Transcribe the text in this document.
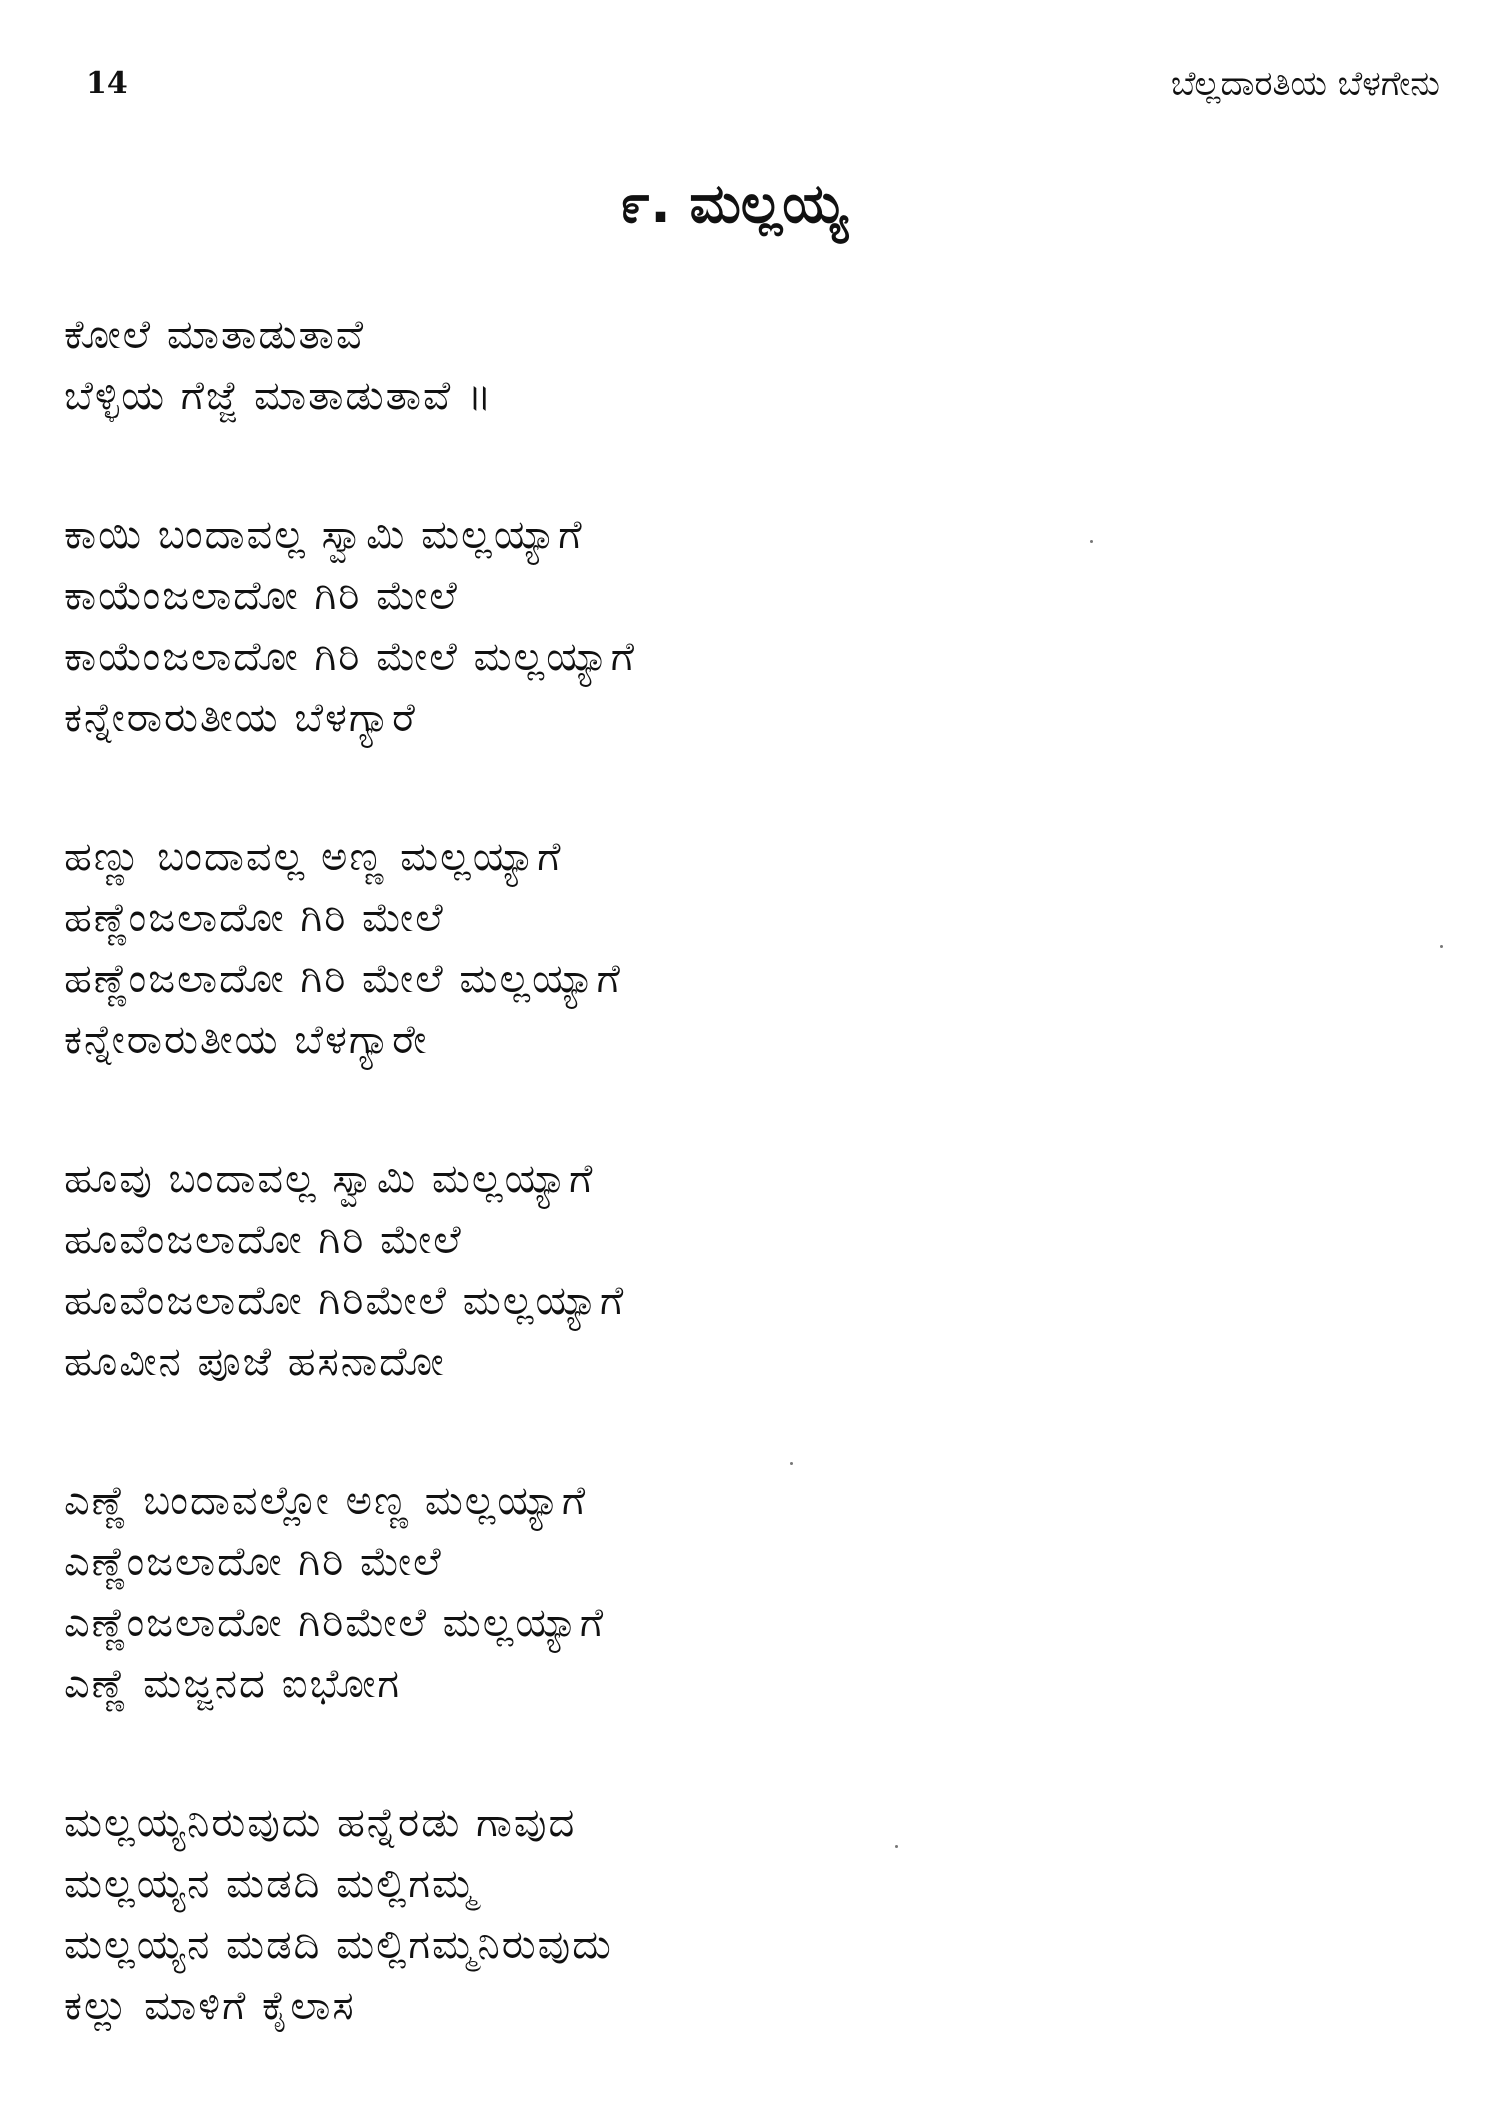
14	ಬೆಲ್ಲದಾರತಿಯ ಬೆಳಗೇನು
೯. ಮಲ್ಲಯ್ಯ
ಕೋಲೆ ಮಾತಾಡುತಾವೆ
ಬೆಳ್ಳಿಯ ಗೆಜ್ಜೆ ಮಾತಾಡುತಾವೆ ॥
ಕಾಯಿ ಬಂದಾವಲ್ಲ ಸ್ವಾಮಿ ಮಲ್ಲಯ್ಯಾಗೆ
ಕಾಯೆಂಜಲಾದೋ ಗಿರಿ ಮೇಲೆ
ಕಾಯೆಂಜಲಾದೋ ಗಿರಿ ಮೇಲೆ ಮಲ್ಲಯ್ಯಾಗೆ
ಕನ್ನೇರಾರುತೀಯ ಬೆಳಗ್ಯಾರೆ
ಹಣ್ಣು ಬಂದಾವಲ್ಲ ಅಣ್ಣ ಮಲ್ಲಯ್ಯಾಗೆ
ಹಣ್ಣೆಂಜಲಾದೋ ಗಿರಿ ಮೇಲೆ
ಹಣ್ಣೆಂಜಲಾದೋ ಗಿರಿ ಮೇಲೆ ಮಲ್ಲಯ್ಯಾಗೆ
ಕನ್ನೇರಾರುತೀಯ ಬೆಳಗ್ಯಾರೇ
ಹೂವು ಬಂದಾವಲ್ಲ ಸ್ವಾಮಿ ಮಲ್ಲಯ್ಯಾಗೆ
ಹೂವೆಂಜಲಾದೋ ಗಿರಿ ಮೇಲೆ
ಹೂವೆಂಜಲಾದೋ ಗಿರಿಮೇಲೆ ಮಲ್ಲಯ್ಯಾಗೆ
ಹೂವೀನ ಪೂಜೆ ಹಸನಾದೋ
ಎಣ್ಣೆ ಬಂದಾವಲ್ಲೋ ಅಣ್ಣ ಮಲ್ಲಯ್ಯಾಗೆ
ಎಣ್ಣೆಂಜಲಾದೋ ಗಿರಿ ಮೇಲೆ
ಎಣ್ಣೆಂಜಲಾದೋ ಗಿರಿಮೇಲೆ ಮಲ್ಲಯ್ಯಾಗೆ
ಎಣ್ಣೆ ಮಜ್ಜನದ ಐಭೋಗ
ಮಲ್ಲಯ್ಯನಿರುವುದು ಹನ್ನೆರಡು ಗಾವುದ
ಮಲ್ಲಯ್ಯನ ಮಡದಿ ಮಲ್ಲಿಗಮ್ಮ
ಮಲ್ಲಯ್ಯನ ಮಡದಿ ಮಲ್ಲಿಗಮ್ಮನಿರುವುದು
ಕಲ್ಲು ಮಾಳಿಗೆ ಕೈಲಾಸ
